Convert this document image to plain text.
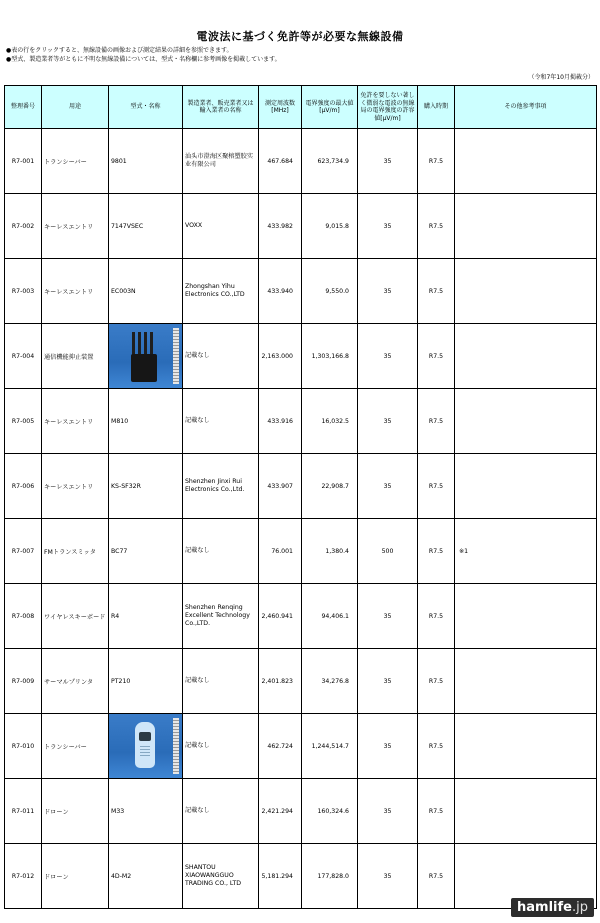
電波法に基づく免許等が必要な無線設備
●表の行をクリックすると、無線設備の画像および測定結果の詳細を参照できます。
●型式、製造業者等がともに不明な無線設備については、型式・名称欄に参考画像を掲載しています。
（令和7年10月掲載分）
整理番号	用途	型式・名称	製造業者、販売業者又は輸入業者の名称	測定周波数[MHz]	電界強度の最大値[μV/m]	免許を要しない著しく微弱な電波の無線局の電界強度の許容値[μV/m]	購入時期	その他参考事項
R7-001	トランシーバー	9801	汕头市澄海区聚榕塑胶实业有限公司	467.684	623,734.9	35	R7.5	
R7-002	キーレスエントリ	7147VSEC	VOXX	433.982	9,015.8	35	R7.5	
R7-003	キーレスエントリ	EC003N	Zhongshan Yihu Electronics CO.,LTD	433.940	9,550.0	35	R7.5	
R7-004	通信機能抑止装置		記載なし	2,163.000	1,303,166.8	35	R7.5	
R7-005	キーレスエントリ	M810	記載なし	433.916	16,032.5	35	R7.5	
R7-006	キーレスエントリ	KS-SF32R	Shenzhen Jinxi Rui Electronics Co.,Ltd.	433.907	22,908.7	35	R7.5	
R7-007	FMトランスミッタ	BC77	記載なし	76.001	1,380.4	500	R7.5	※1
R7-008	ワイヤレスキーボード	R4	Shenzhen Renqing Excellent Technology Co.,LTD.	2,460.941	94,406.1	35	R7.5	
R7-009	サーマルプリンタ	PT210	記載なし	2,401.823	34,276.8	35	R7.5	
R7-010	トランシーバー		記載なし	462.724	1,244,514.7	35	R7.5	
R7-011	ドローン	M33	記載なし	2,421.294	160,324.6	35	R7.5	
R7-012	ドローン	4D-M2	SHANTOU XIAOWANGGUO TRADING CO., LTD	5,181.294	177,828.0	35	R7.5	
hamlife.jp
